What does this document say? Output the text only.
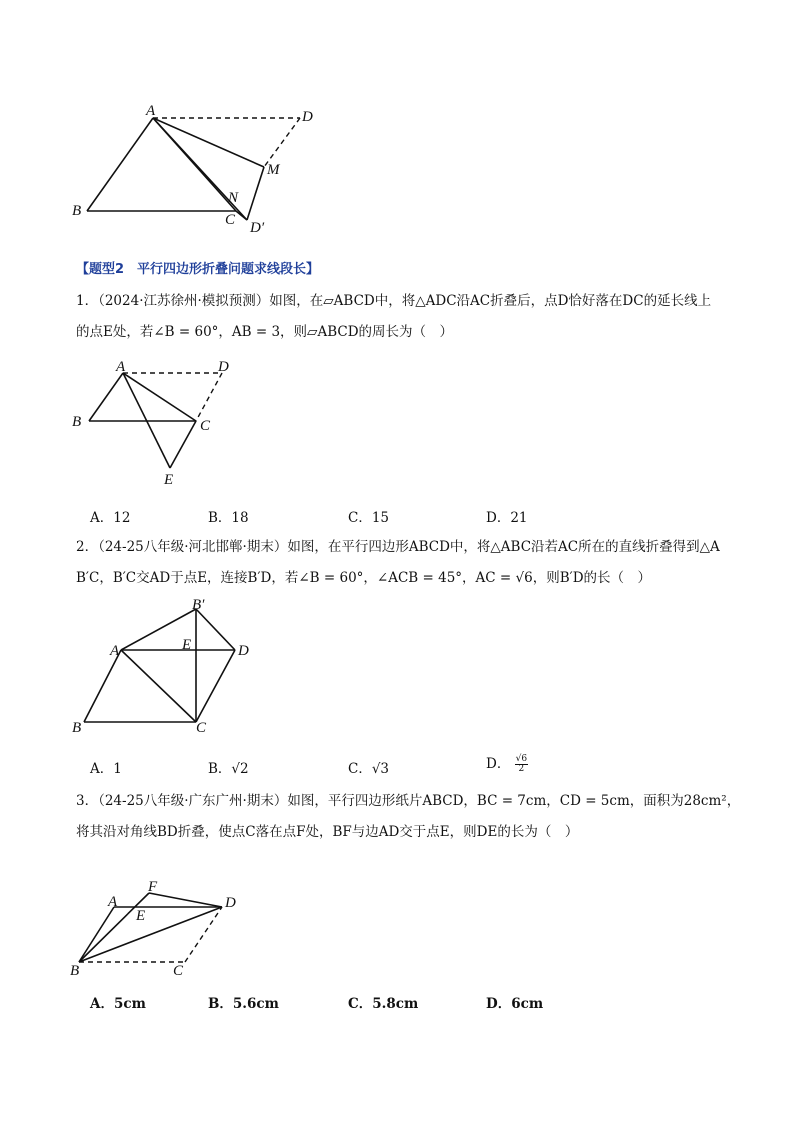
A	D
M
N
B
C D′
【题型2　平行四边形折叠问题求线段长】
1．（2024·江苏徐州·模拟预测）如图，在▱ABCD中，将△ADC沿AC折叠后，点D恰好落在DC的延长线上
的点E处，若∠B = 60°，AB = 3，则▱ABCD的周长为（　）
A	D
B	C
E
A．12	B．18	C．15	D．21
2．（24-25八年级·河北邯郸·期末）如图，在平行四边形ABCD中，将△ABC沿若AC所在的直线折叠得到△A
B′C，B′C交AD于点E，连接B′D，若∠B = 60°，∠ACB = 45°，AC = √6，则B′D的长（　）
B′
A	E	D
B	C
A．1	B．√2	C．√3	D． $\frac{√6}{2}$
3．（24-25八年级·广东广州·期末）如图，平行四边形纸片ABCD，BC = 7cm，CD = 5cm，面积为28cm²，
将其沿对角线BD折叠，使点C落在点F处，BF与边AD交于点E，则DE的长为（　）
A
F
E
D
B	C
A．5cm	B．5.6cm	C．5.8cm	D．6cm
